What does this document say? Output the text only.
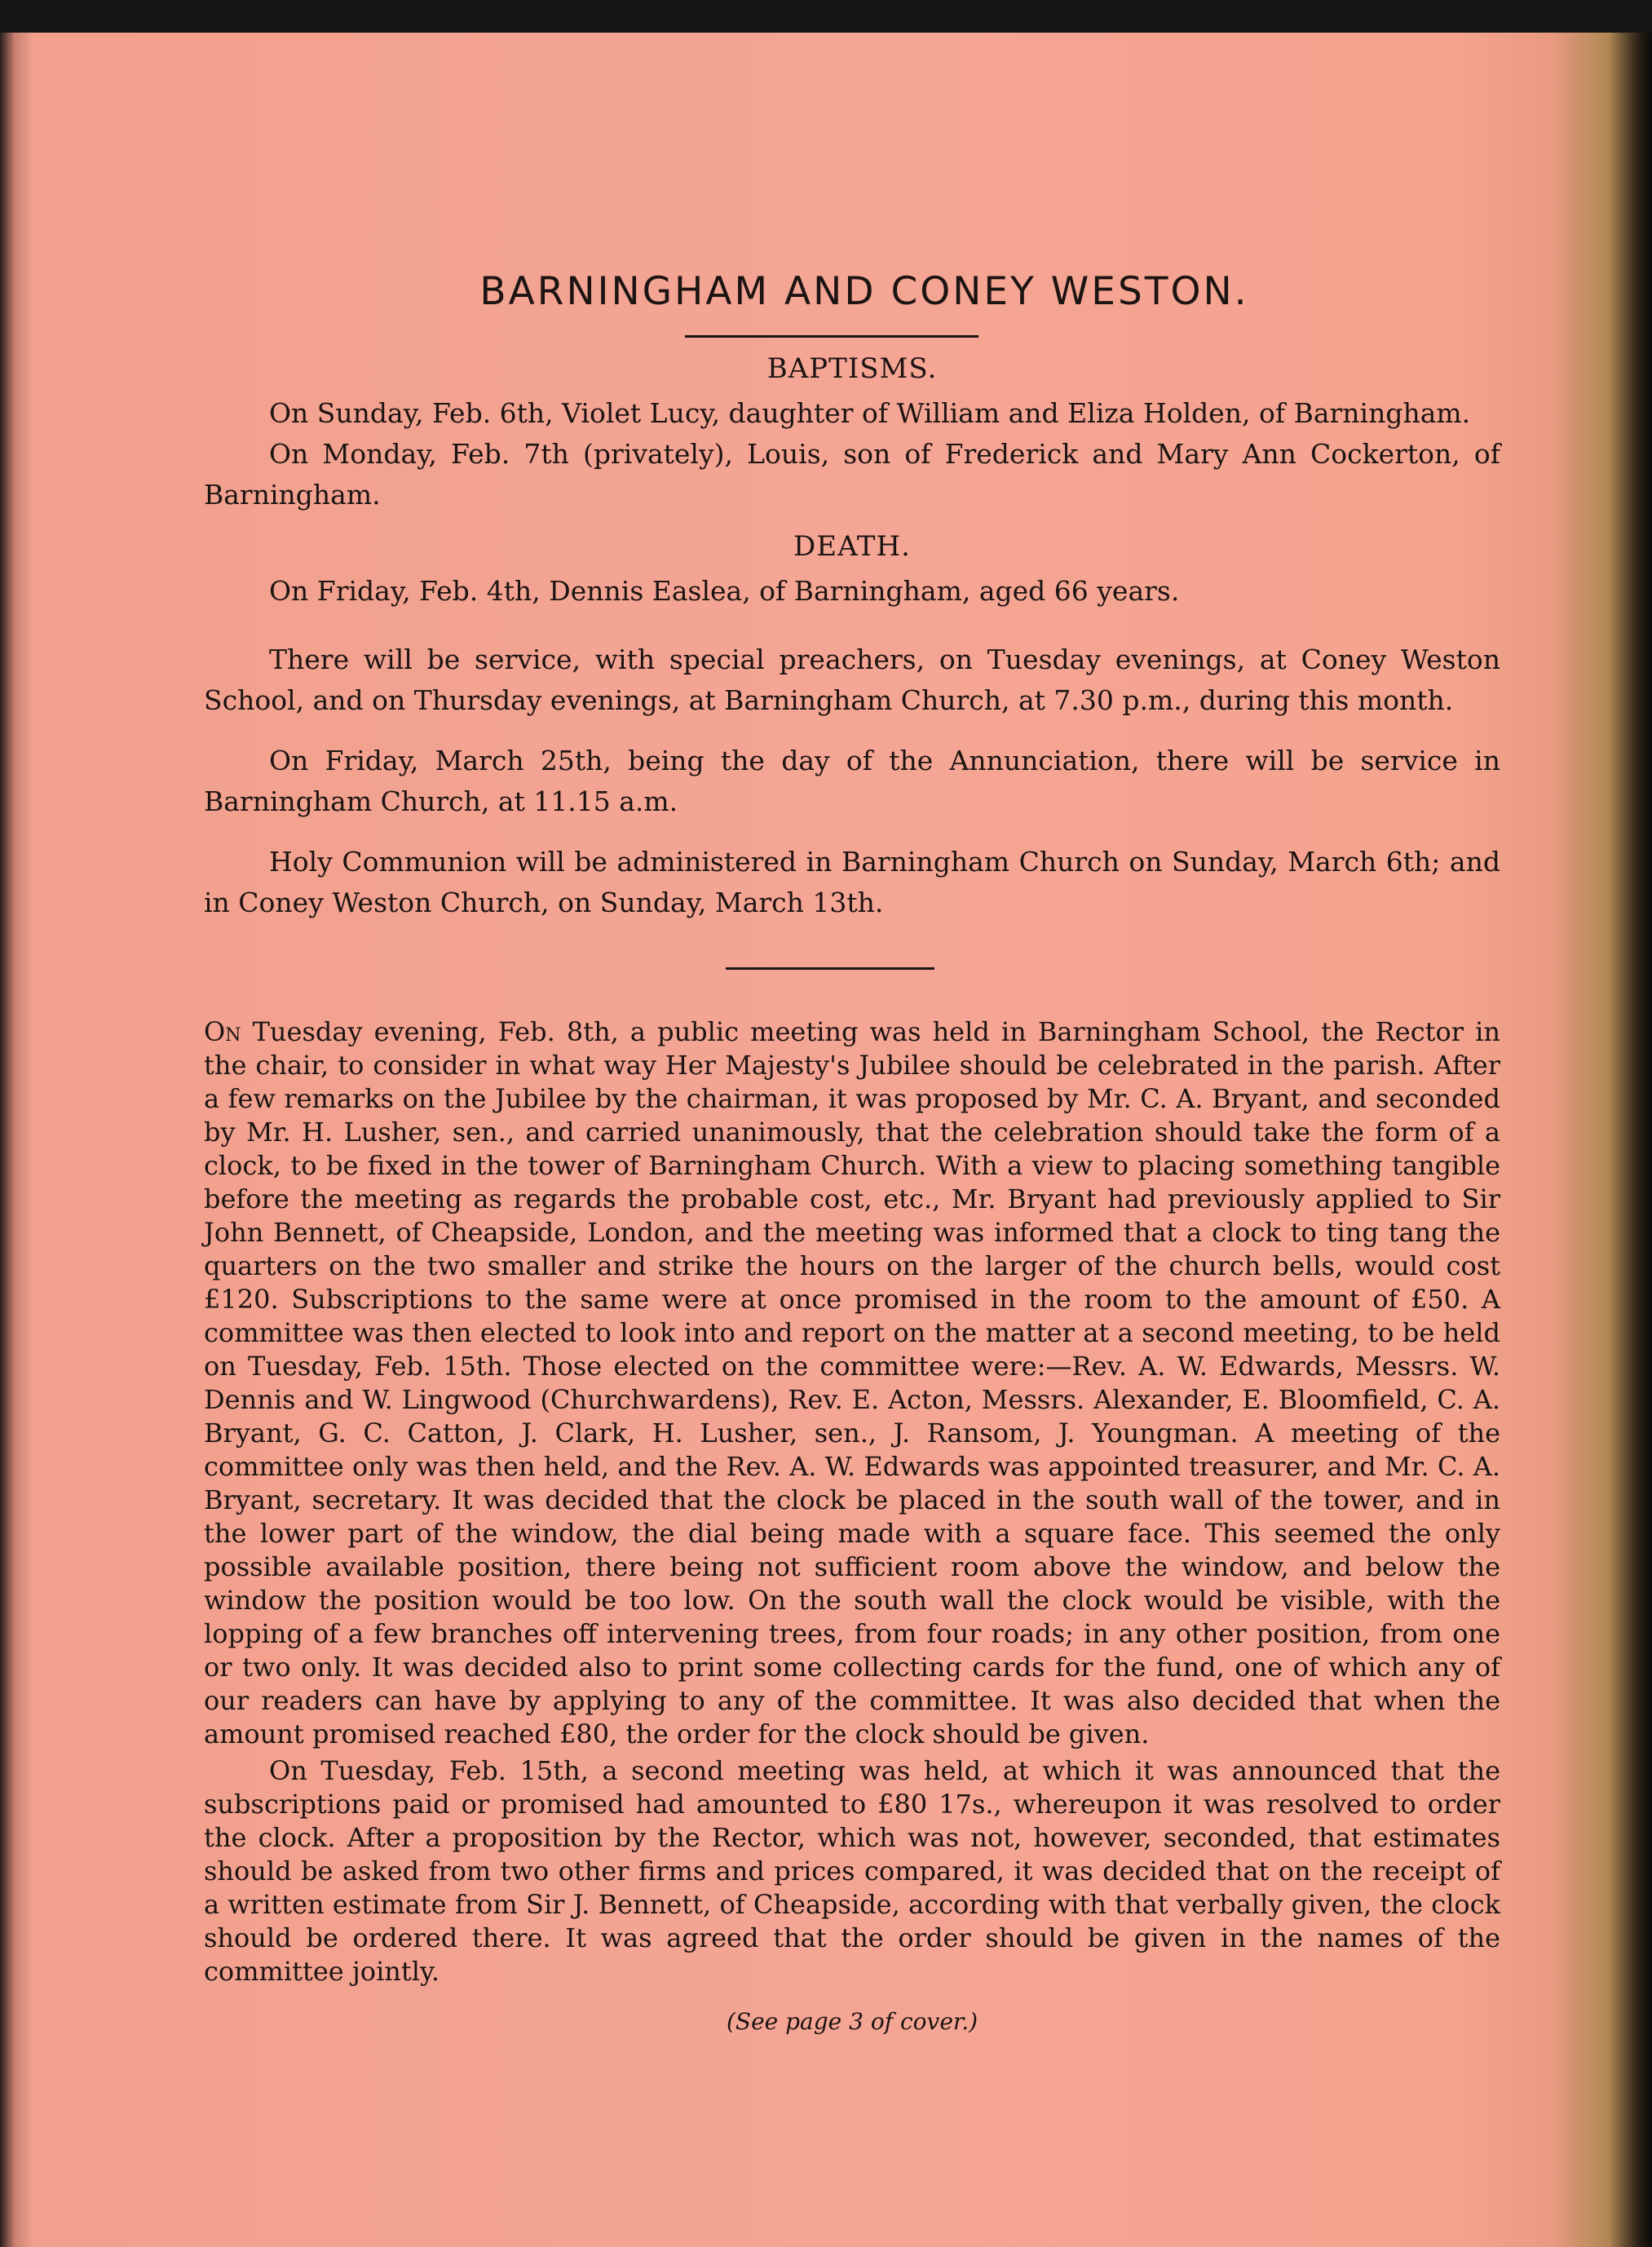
BARNINGHAM AND CONEY WESTON.
BAPTISMS.

On Sunday, Feb. 6th, Violet Lucy, daughter of William and Eliza Holden, of Barningham.

On Monday, Feb. 7th (privately), Louis, son of Frederick and Mary Ann Cockerton, of Barningham.

DEATH.

On Friday, Feb. 4th, Dennis Easlea, of Barningham, aged 66 years.

There will be service, with special preachers, on Tuesday evenings, at Coney Weston School, and on Thursday evenings, at Barningham Church, at 7.30 p.m., during this month.

On Friday, March 25th, being the day of the Annunciation, there will be service in Barningham Church, at 11.15 a.m.

Holy Communion will be administered in Barningham Church on Sunday, March 6th; and in Coney Weston Church, on Sunday, March 13th.

On Tuesday evening, Feb. 8th, a public meeting was held in Barningham School, the Rector in the chair, to consider in what way Her Majesty's Jubilee should be celebrated in the parish. After a few remarks on the Jubilee by the chairman, it was proposed by Mr. C. A. Bryant, and seconded by Mr. H. Lusher, sen., and carried unanimously, that the celebration should take the form of a clock, to be fixed in the tower of Barningham Church. With a view to placing something tangible before the meeting as regards the probable cost, etc., Mr. Bryant had previously applied to Sir John Bennett, of Cheapside, London, and the meeting was informed that a clock to ting tang the quarters on the two smaller and strike the hours on the larger of the church bells, would cost £120. Subscriptions to the same were at once promised in the room to the amount of £50. A committee was then elected to look into and report on the matter at a second meeting, to be held on Tuesday, Feb. 15th. Those elected on the committee were:—Rev. A. W. Edwards, Messrs. W. Dennis and W. Lingwood (Churchwardens), Rev. E. Acton, Messrs. Alexander, E. Bloomfield, C. A. Bryant, G. C. Catton, J. Clark, H. Lusher, sen., J. Ransom, J. Youngman. A meeting of the committee only was then held, and the Rev. A. W. Edwards was appointed treasurer, and Mr. C. A. Bryant, secretary. It was decided that the clock be placed in the south wall of the tower, and in the lower part of the window, the dial being made with a square face. This seemed the only possible available position, there being not sufficient room above the window, and below the window the position would be too low. On the south wall the clock would be visible, with the lopping of a few branches off intervening trees, from four roads; in any other position, from one or two only. It was decided also to print some collecting cards for the fund, one of which any of our readers can have by applying to any of the committee. It was also decided that when the amount promised reached £80, the order for the clock should be given.

On Tuesday, Feb. 15th, a second meeting was held, at which it was announced that the subscriptions paid or promised had amounted to £80 17s., whereupon it was resolved to order the clock. After a proposition by the Rector, which was not, however, seconded, that estimates should be asked from two other firms and prices compared, it was decided that on the receipt of a written estimate from Sir J. Bennett, of Cheapside, according with that verbally given, the clock should be ordered there. It was agreed that the order should be given in the names of the committee jointly.

(See page 3 of cover.)
